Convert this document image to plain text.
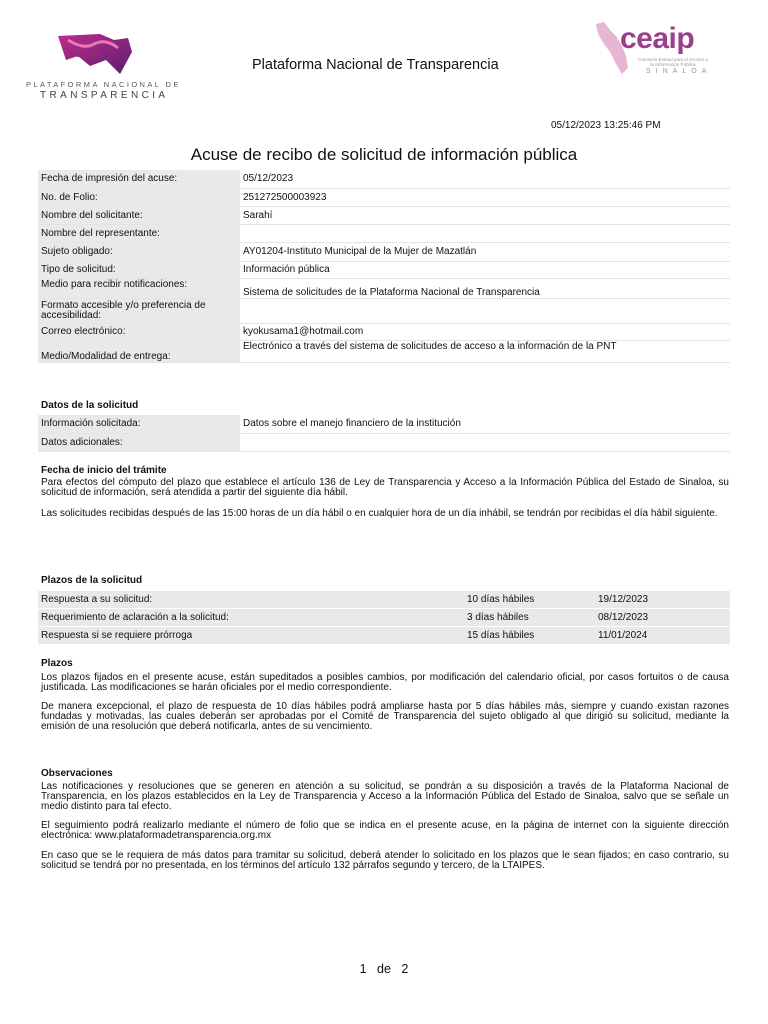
PLATAFORMA NACIONAL DE
TRANSPARENCIA
Plataforma Nacional de Transparencia
ceaip
Comisión Estatal para el Acceso a la Información Pública
SINALOA
05/12/2023 13:25:46 PM
Acuse de recibo de solicitud de información pública
Fecha de impresión del acuse:	05/12/2023
No. de Folio:	251272500003923
Nombre del solicitante:	Sarahí
Nombre del representante:	
Sujeto obligado:	AY01204-Instituto Municipal de la Mujer de Mazatlán
Tipo de solicitud:	Información pública
Medio para recibir notificaciones:	Sistema de solicitudes de la Plataforma Nacional de Transparencia
Formato accesible y/o preferencia de accesibilidad:	
Correo electrónico:	kyokusama1@hotmail.com
Medio/Modalidad de entrega:	Electrónico a través del sistema de solicitudes de acceso a la información de la PNT
Datos de la solicitud
Información solicitada:	Datos sobre el manejo financiero de la institución
Datos adicionales:	
Fecha de inicio del trámite
Para efectos del cómputo del plazo que establece el artículo 136 de Ley de Transparencia y Acceso a la Información Pública del Estado de Sinaloa, su solicitud de información, será atendida a partir del siguiente día hábil.
Las solicitudes recibidas después de las 15:00 horas de un día hábil o en cualquier hora de un día inhábil, se tendrán por recibidas el día hábil siguiente.
Plazos de la solicitud
Respuesta a su solicitud:	10 días hábiles	19/12/2023
Requerimiento de aclaración a la solicitud:	3 días hábiles	08/12/2023
Respuesta si se requiere prórroga	15 días hábiles	11/01/2024
Plazos
Los plazos fijados en el presente acuse, están supeditados a posibles cambios, por modificación del calendario oficial, por casos fortuitos o de causa justificada. Las modificaciones se harán oficiales por el medio correspondiente.
De manera excepcional, el plazo de respuesta de 10 días hábiles podrá ampliarse hasta por 5 días hábiles más, siempre y cuando existan razones fundadas y motivadas, las cuales deberán ser aprobadas por el Comité de Transparencia del sujeto obligado al que dirigió su solicitud, mediante la emisión de una resolución que deberá notificarla, antes de su vencimiento.
Observaciones
Las notificaciones y resoluciones que se generen en atención a su solicitud, se pondrán a su disposición a través de la Plataforma Nacional de Transparencia, en los plazos establecidos en la Ley de Transparencia y Acceso a la Información Pública del Estado de Sinaloa, salvo que se señale un medio distinto para tal efecto.
El seguimiento podrá realizarlo mediante el número de folio que se indica en el presente acuse, en la página de internet con la siguiente dirección electrónica: www.plataformadetransparencia.org.mx
En caso que se le requiera de más datos para tramitar su solicitud, deberá atender lo solicitado en los plazos que le sean fijados; en caso contrario, su solicitud se tendrá por no presentada, en los términos del artículo 132 párrafos segundo y tercero, de la LTAIPES.
1   de   2
